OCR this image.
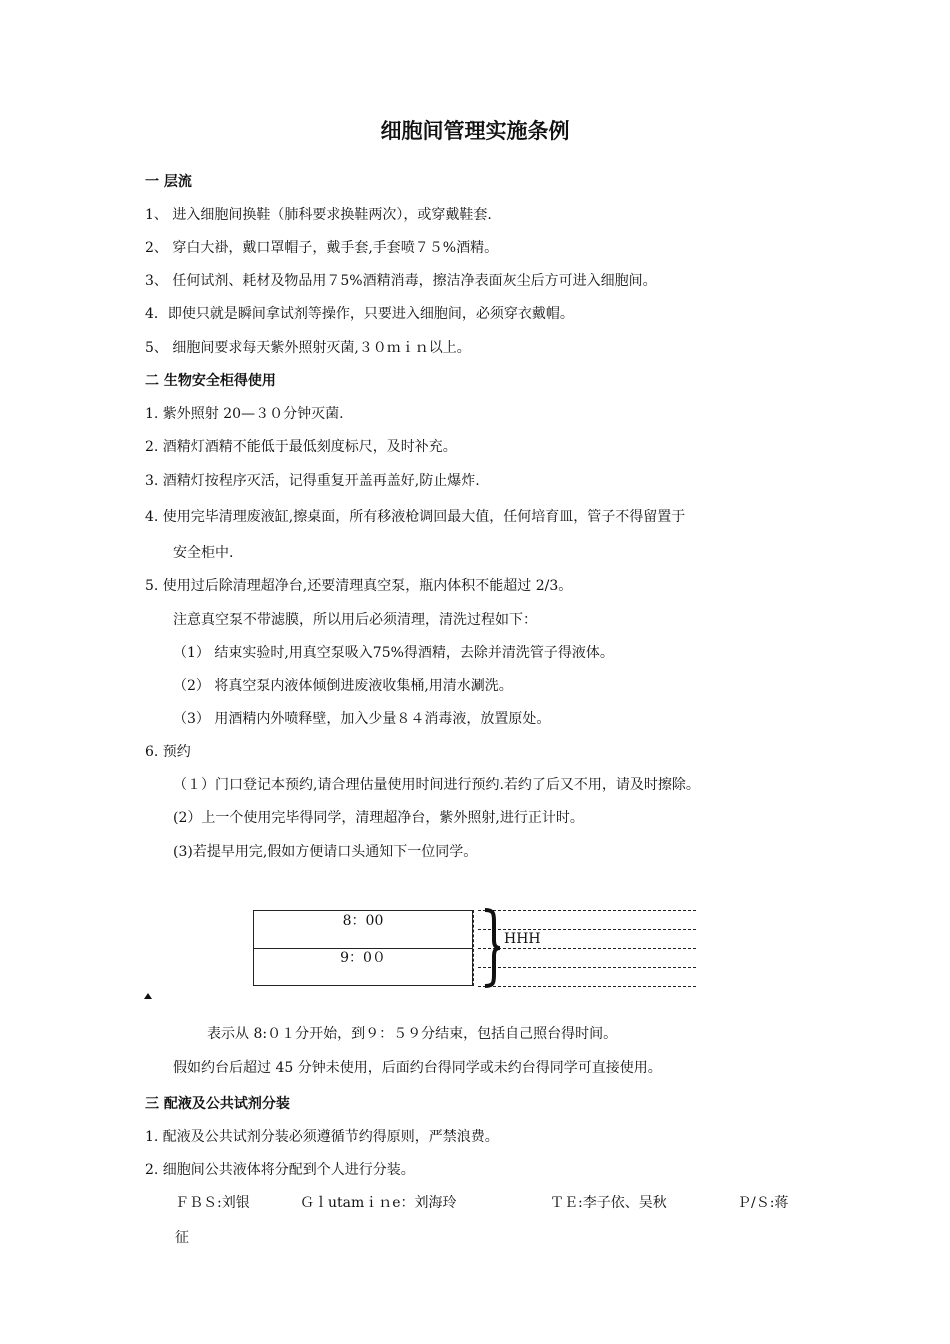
细胞间管理实施条例
一 层流
1、 进入细胞间换鞋（肺科要求换鞋两次），或穿戴鞋套.
2、 穿白大褂，戴口罩帽子，戴手套,手套喷７５%酒精。
3、 任何试剂、耗材及物品用７5%酒精消毒，擦洁净表面灰尘后方可进入细胞间。
4．即使只就是瞬间拿试剂等操作，只要进入细胞间，必须穿衣戴帽。
5、 细胞间要求每天紫外照射灭菌,３０ｍｉｎ以上。
二 生物安全柜得使用
1. 紫外照射 20—３０分钟灭菌.
2. 酒精灯酒精不能低于最低刻度标尺，及时补充。
3. 酒精灯按程序灭活，记得重复开盖再盖好,防止爆炸.
4. 使用完毕清理废液缸,擦桌面，所有移液枪调回最大值，任何培育皿，管子不得留置于
安全柜中.
5. 使用过后除清理超净台,还要清理真空泵，瓶内体积不能超过 2/3。
注意真空泵不带滤膜，所以用后必须清理，清洗过程如下：
（1） 结束实验时,用真空泵吸入75%得酒精，去除并清洗管子得液体。
（2） 将真空泵内液体倾倒进废液收集桶,用清水涮洗。
（3） 用酒精内外喷释壁，加入少量８４消毒液，放置原处。
6. 预约
（１）门口登记本预约,请合理估量使用时间进行预约.若约了后又不用，请及时擦除。
(2）上一个使用完毕得同学，清理超净台，紫外照射,进行正计时。
(3)若提早用完,假如方便请口头通知下一位同学。
8：00
9：0０
HHH
表示从 8:０１分开始，到９：５９分结束，包括自己照台得时间。
假如约台后超过 45 分钟未使用，后面约台得同学或未约台得同学可直接使用。
三 配液及公共试剂分装
1. 配液及公共试剂分装必须遵循节约得原则，严禁浪费。
2. 细胞间公共液体将分配到个人进行分装。
ＦＢＳ:刘银	Ｇｌutamｉｎe：刘海玲	ＴＥ:李子依、吴秋	Ｐ/Ｓ:蒋
征
